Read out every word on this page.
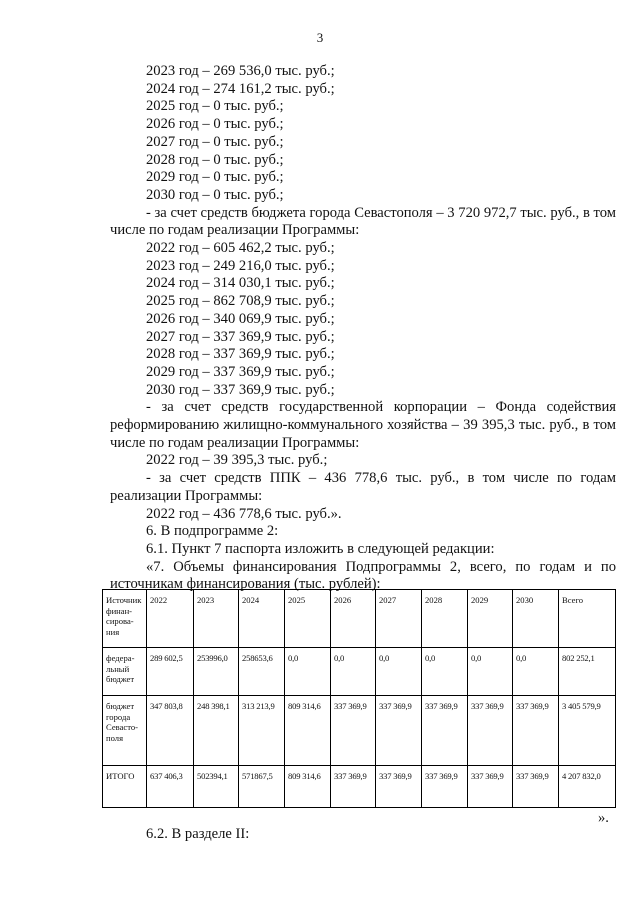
3

2023 год – 269 536,0 тыс. руб.;

2024 год – 274 161,2 тыс. руб.;

2025 год – 0 тыс. руб.;

2026 год – 0 тыс. руб.;

2027 год – 0 тыс. руб.;

2028 год – 0 тыс. руб.;

2029 год – 0 тыс. руб.;

2030 год – 0 тыс. руб.;

- за счет средств бюджета города Севастополя – 3 720 972,7 тыс. руб., в том числе по годам реализации Программы:

2022 год – 605 462,2 тыс. руб.;

2023 год – 249 216,0 тыс. руб.;

2024 год – 314 030,1 тыс. руб.;

2025 год – 862 708,9 тыс. руб.;

2026 год – 340 069,9 тыс. руб.;

2027 год – 337 369,9 тыс. руб.;

2028 год – 337 369,9 тыс. руб.;

2029 год – 337 369,9 тыс. руб.;

2030 год – 337 369,9 тыс. руб.;

- за счет средств государственной корпорации – Фонда содействия реформированию жилищно-коммунального хозяйства – 39 395,3 тыс. руб., в том числе по годам реализации Программы:

2022 год – 39 395,3 тыс. руб.;

- за счет средств ППК – 436 778,6 тыс. руб., в том числе по годам реализации Программы:

2022 год – 436 778,6 тыс. руб.».

6. В подпрограмме 2:

6.1. Пункт 7 паспорта изложить в следующей редакции:

«7. Объемы финансирования Подпрограммы 2, всего, по годам и по источникам финансирования (тыс. рублей):

Источник финан-сирова-ния	2022	2023	2024	2025	2026	2027	2028	2029	2030	Всего
федера-льный бюджет	289 602,5	253996,0	258653,6	0,0	0,0	0,0	0,0	0,0	0,0	802 252,1
бюджет города Севасто-поля	347 803,8	248 398,1	313 213,9	809 314,6	337 369,9	337 369,9	337 369,9	337 369,9	337 369,9	3 405 579,9
ИТОГО	637 406,3	502394,1	571867,5	809 314,6	337 369,9	337 369,9	337 369,9	337 369,9	337 369,9	4 207 832,0
».
6.2. В разделе II:
